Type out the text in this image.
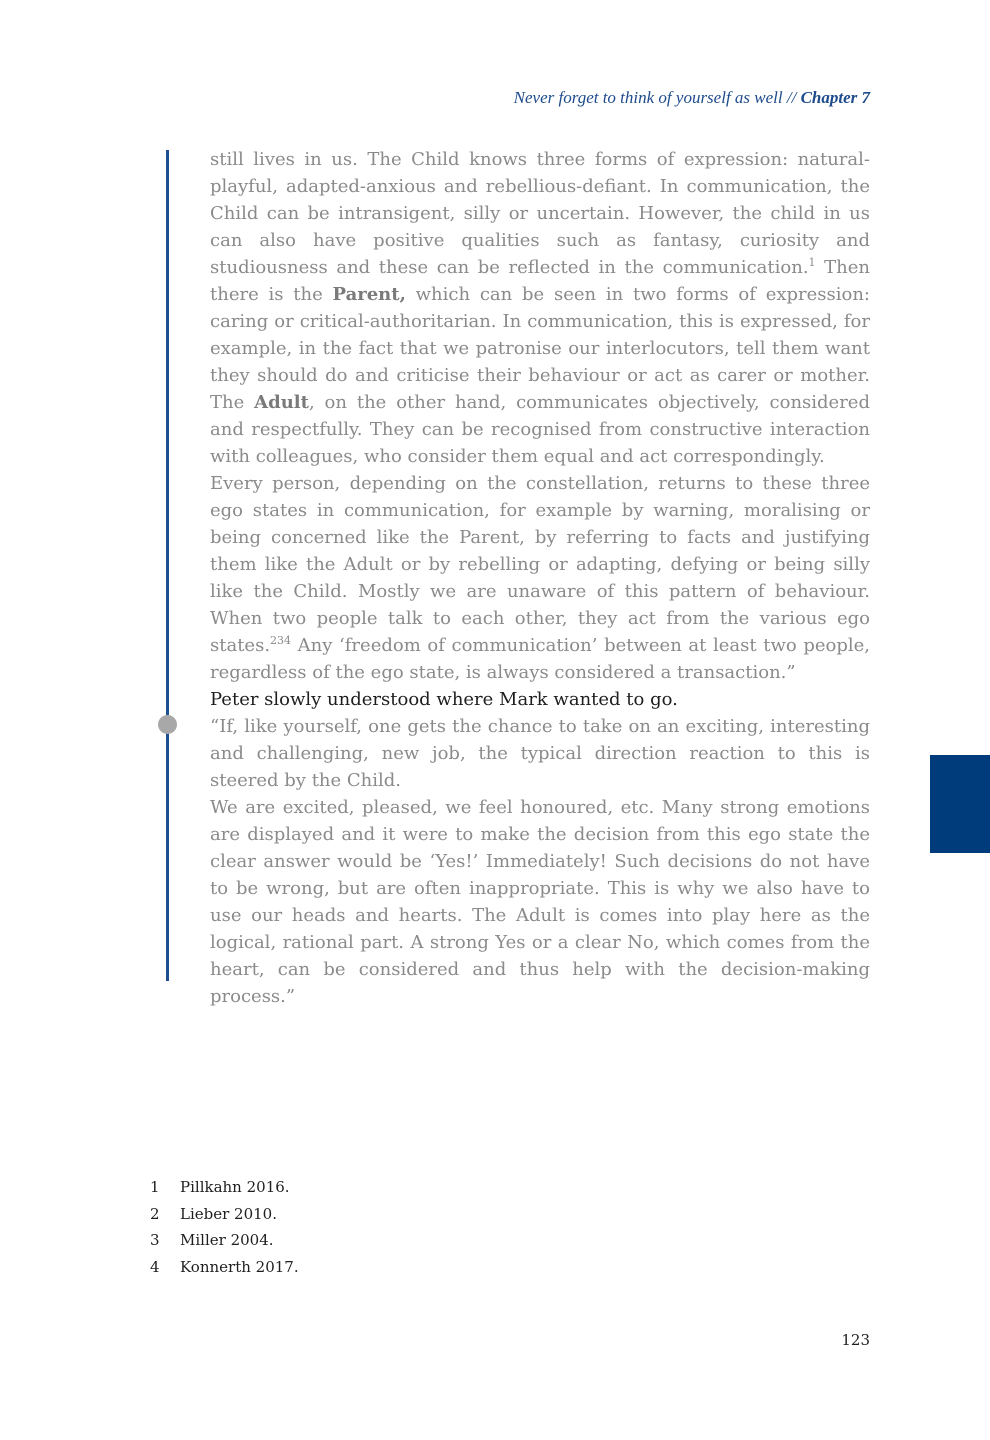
Never forget to think of yourself as well // Chapter 7

still lives in us. The Child knows three forms of expression: natural-playful, adapted-anxious and rebellious-defiant. In communication, the Child can be intransigent, silly or uncertain. However, the child in us can also have positive qualities such as fantasy, curiosity and studiousness and these can be reflected in the communication.$^1$ Then there is the Parent, which can be seen in two forms of expression: caring or critical-authoritarian. In communication, this is expressed, for example, in the fact that we patronise our interlocutors, tell them want they should do and criticise their behaviour or act as carer or mother. The Adult, on the other hand, communicates objectively, considered and respectfully. They can be recognised from constructive interaction with colleagues, who consider them equal and act correspondingly.

Every person, depending on the constellation, returns to these three ego states in communication, for example by warning, moralising or being concerned like the Parent, by referring to facts and justifying them like the Adult or by rebelling or adapting, defying or being silly like the Child. Mostly we are unaware of this pattern of behaviour. When two people talk to each other, they act from the various ego states.$^{234}$ Any ‘freedom of communication’ between at least two people, regardless of the ego state, is always considered a transaction.”

Peter slowly understood where Mark wanted to go.

“If, like yourself, one gets the chance to take on an exciting, interesting and challenging, new job, the typical direction reaction to this is steered by the Child.

We are excited, pleased, we feel honoured, etc. Many strong emotions are displayed and it were to make the decision from this ego state the clear answer would be ‘Yes!’ Immediately! Such decisions do not have to be wrong, but are often inappropriate. This is why we also have to use our heads and hearts. The Adult is comes into play here as the logical, rational part. A strong Yes or a clear No, which comes from the heart, can be considered and thus help with the decision-making process.”

1	Pillkahn 2016.
2	Lieber 2010.
3	Miller 2004.
4	Konnerth 2017.
123
